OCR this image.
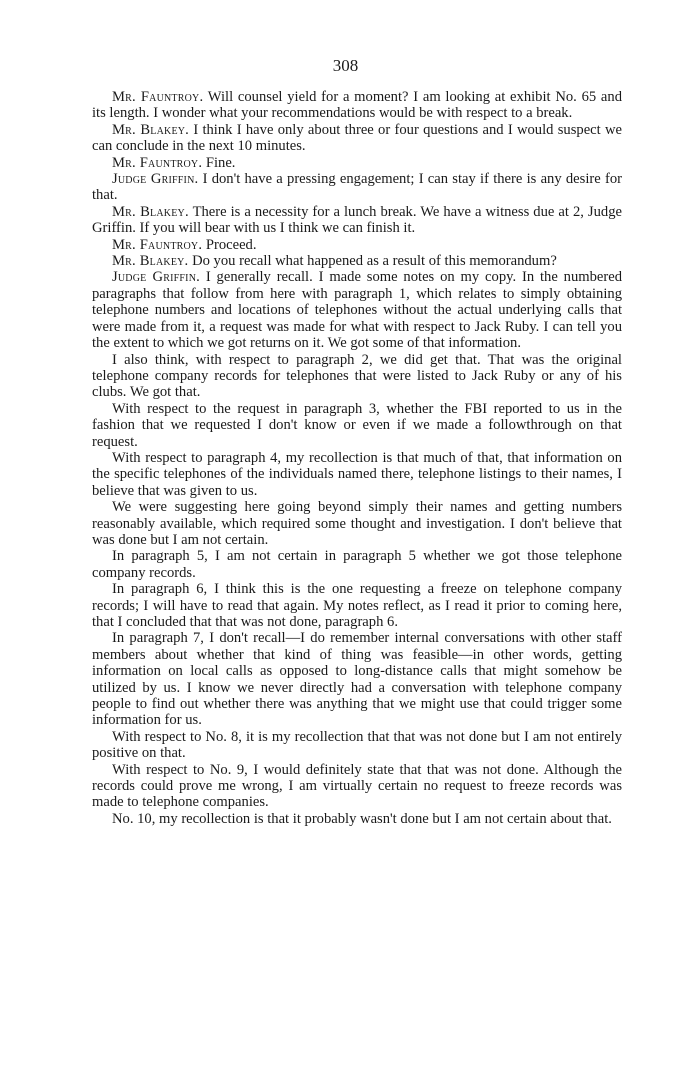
308

Mr. Fauntroy. Will counsel yield for a moment? I am looking at exhibit No. 65 and its length. I wonder what your recommendations would be with respect to a break.

Mr. Blakey. I think I have only about three or four questions and I would suspect we can conclude in the next 10 minutes.

Mr. Fauntroy. Fine.

Judge Griffin. I don't have a pressing engagement; I can stay if there is any desire for that.

Mr. Blakey. There is a necessity for a lunch break. We have a witness due at 2, Judge Griffin. If you will bear with us I think we can finish it.

Mr. Fauntroy. Proceed.

Mr. Blakey. Do you recall what happened as a result of this memorandum?

Judge Griffin. I generally recall. I made some notes on my copy. In the numbered paragraphs that follow from here with paragraph 1, which relates to simply obtaining telephone numbers and locations of telephones without the actual underlying calls that were made from it, a request was made for what with respect to Jack Ruby. I can tell you the extent to which we got returns on it. We got some of that information.

I also think, with respect to paragraph 2, we did get that. That was the original telephone company records for telephones that were listed to Jack Ruby or any of his clubs. We got that.

With respect to the request in paragraph 3, whether the FBI reported to us in the fashion that we requested I don't know or even if we made a followthrough on that request.

With respect to paragraph 4, my recollection is that much of that, that information on the specific telephones of the individuals named there, telephone listings to their names, I believe that was given to us.

We were suggesting here going beyond simply their names and getting numbers reasonably available, which required some thought and investigation. I don't believe that was done but I am not certain.

In paragraph 5, I am not certain in paragraph 5 whether we got those telephone company records.

In paragraph 6, I think this is the one requesting a freeze on telephone company records; I will have to read that again. My notes reflect, as I read it prior to coming here, that I concluded that that was not done, paragraph 6.

In paragraph 7, I don't recall—I do remember internal conversations with other staff members about whether that kind of thing was feasible—in other words, getting information on local calls as opposed to long-distance calls that might somehow be utilized by us. I know we never directly had a conversation with telephone company people to find out whether there was anything that we might use that could trigger some information for us.

With respect to No. 8, it is my recollection that that was not done but I am not entirely positive on that.

With respect to No. 9, I would definitely state that that was not done. Although the records could prove me wrong, I am virtually certain no request to freeze records was made to telephone companies.

No. 10, my recollection is that it probably wasn't done but I am not certain about that.
